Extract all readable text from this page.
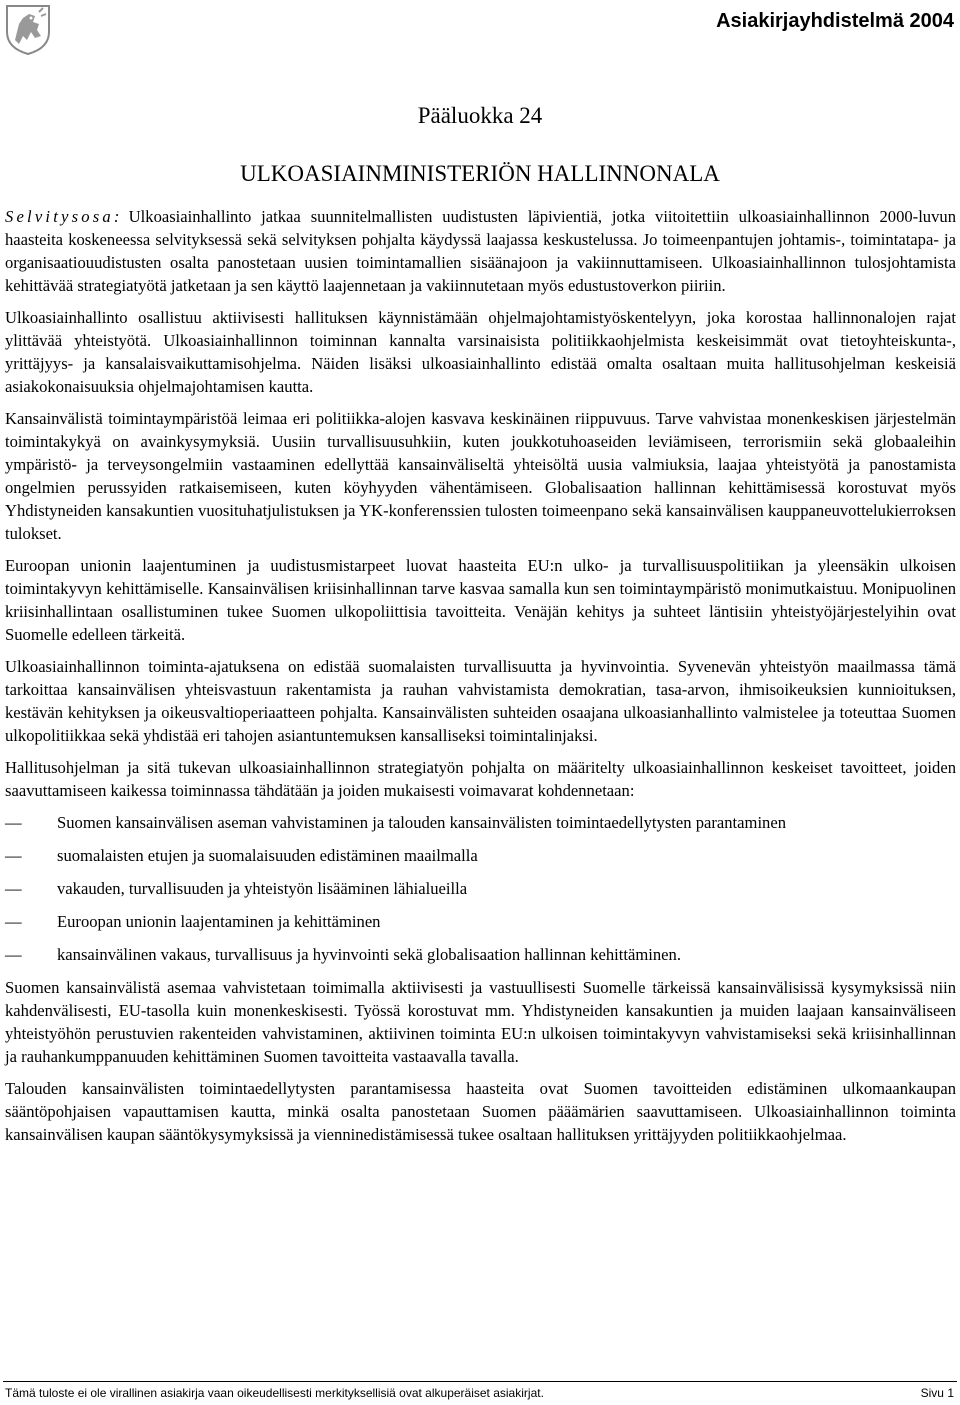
Asiakirjayhdistelmä 2004
Pääluokka 24
ULKOASIAINMINISTERIÖN HALLINNONALA

Selvitysosa: Ulkoasiainhallinto jatkaa suunnitelmallisten uudistusten läpivientiä, jotka viitoitettiin ulkoasiainhallinnon 2000-luvun haasteita koskeneessa selvityksessä sekä selvityksen pohjalta käydyssä laajassa keskustelussa. Jo toimeenpantujen johtamis-, toimintatapa- ja organisaatiouudistusten osalta panostetaan uusien toimintamallien sisäänajoon ja vakiinnuttamiseen. Ulkoasiainhallinnon tulosjohtamista kehittävää strategiatyötä jatketaan ja sen käyttö laajennetaan ja vakiinnutetaan myös edustustoverkon piiriin.

Ulkoasiainhallinto osallistuu aktiivisesti hallituksen käynnistämään ohjelmajohtamistyöskentelyyn, joka korostaa hallinnonalojen rajat ylittävää yhteistyötä. Ulkoasiainhallinnon toiminnan kannalta varsinaisista politiikkaohjelmista keskeisimmät ovat tietoyhteiskunta-, yrittäjyys- ja kansalaisvaikuttamisohjelma. Näiden lisäksi ulkoasiainhallinto edistää omalta osaltaan muita hallitusohjelman keskeisiä asiakokonaisuuksia ohjelmajohtamisen kautta.

Kansainvälistä toimintaympäristöä leimaa eri politiikka-alojen kasvava keskinäinen riippuvuus. Tarve vahvistaa monenkeskisen järjestelmän toimintakykyä on avainkysymyksiä. Uusiin turvallisuusuhkiin, kuten joukkotuhoaseiden leviämiseen, terrorismiin sekä globaaleihin ympäristö- ja terveysongelmiin vastaaminen edellyttää kansainväliseltä yhteisöltä uusia valmiuksia, laajaa yhteistyötä ja panostamista ongelmien perussyiden ratkaisemiseen, kuten köyhyyden vähentämiseen. Globalisaation hallinnan kehittämisessä korostuvat myös Yhdistyneiden kansakuntien vuosituhatjulistuksen ja YK-konferenssien tulosten toimeenpano sekä kansainvälisen kauppaneuvottelukierroksen tulokset.

Euroopan unionin laajentuminen ja uudistusmistarpeet luovat haasteita EU:n ulko- ja turvallisuuspolitiikan ja yleensäkin ulkoisen toimintakyvyn kehittämiselle. Kansainvälisen kriisinhallinnan tarve kasvaa samalla kun sen toimintaympäristö monimutkaistuu. Monipuolinen kriisinhallintaan osallistuminen tukee Suomen ulkopoliittisia tavoitteita. Venäjän kehitys ja suhteet läntisiin yhteistyöjärjestelyihin ovat Suomelle edelleen tärkeitä.

Ulkoasiainhallinnon toiminta-ajatuksena on edistää suomalaisten turvallisuutta ja hyvinvointia. Syvenevän yhteistyön maailmassa tämä tarkoittaa kansainvälisen yhteisvastuun rakentamista ja rauhan vahvistamista demokratian, tasa-arvon, ihmisoikeuksien kunnioituksen, kestävän kehityksen ja oikeusvaltioperiaatteen pohjalta. Kansainvälisten suhteiden osaajana ulkoasianhallinto valmistelee ja toteuttaa Suomen ulkopolitiikkaa sekä yhdistää eri tahojen asiantuntemuksen kansalliseksi toimintalinjaksi.

Hallitusohjelman ja sitä tukevan ulkoasiainhallinnon strategiatyön pohjalta on määritelty ulkoasiainhallinnon keskeiset tavoitteet, joiden saavuttamiseen kaikessa toiminnassa tähdätään ja joiden mukaisesti voimavarat kohdennetaan:

— Suomen kansainvälisen aseman vahvistaminen ja talouden kansainvälisten toimintaedellytysten parantaminen
— suomalaisten etujen ja suomalaisuuden edistäminen maailmalla
— vakauden, turvallisuuden ja yhteistyön lisääminen lähialueilla
— Euroopan unionin laajentaminen ja kehittäminen
— kansainvälinen vakaus, turvallisuus ja hyvinvointi sekä globalisaation hallinnan kehittäminen.

Suomen kansainvälistä asemaa vahvistetaan toimimalla aktiivisesti ja vastuullisesti Suomelle tärkeissä kansainvälisissä kysymyksissä niin kahdenvälisesti, EU-tasolla kuin monenkeskisesti. Työssä korostuvat mm. Yhdistyneiden kansakuntien ja muiden laajaan kansainväliseen yhteistyöhön perustuvien rakenteiden vahvistaminen, aktiivinen toiminta EU:n ulkoisen toimintakyvyn vahvistamiseksi sekä kriisinhallinnan ja rauhankumppanuuden kehittäminen Suomen tavoitteita vastaavalla tavalla.

Talouden kansainvälisten toimintaedellytysten parantamisessa haasteita ovat Suomen tavoitteiden edistäminen ulkomaankaupan sääntöpohjaisen vapauttamisen kautta, minkä osalta panostetaan Suomen pääämärien saavuttamiseen. Ulkoasiainhallinnon toiminta kansainvälisen kaupan sääntökysymyksissä ja vienninedistämisessä tukee osaltaan hallituksen yrittäjyyden politiikkaohjelmaa.

Tämä tuloste ei ole virallinen asiakirja vaan oikeudellisesti merkityksellisiä ovat alkuperäiset asiakirjat.	Sivu 1
